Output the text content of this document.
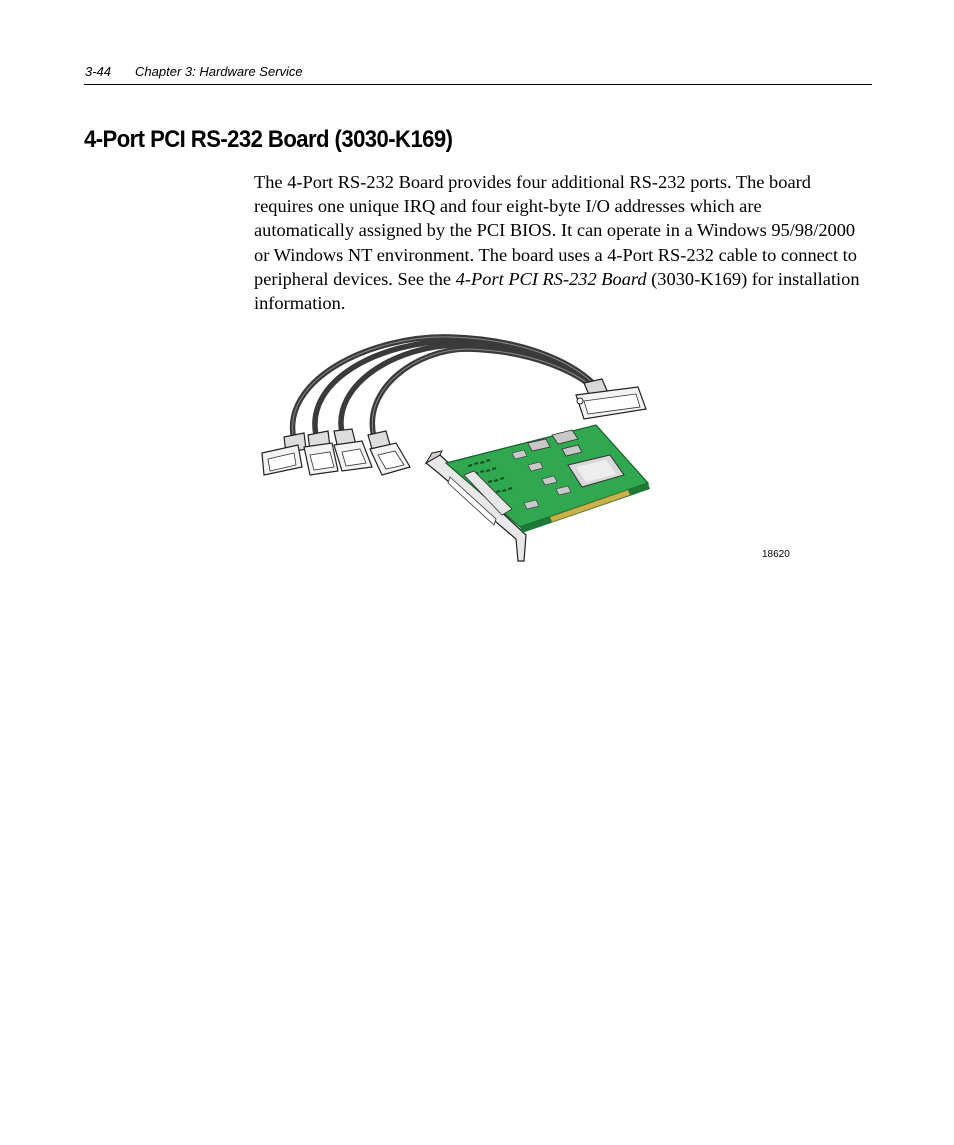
3-44 Chapter 3: Hardware Service
4-Port PCI RS-232 Board (3030-K169)

The 4-Port RS-232 Board provides four additional RS-232 ports. The board requires one unique IRQ and four eight-byte I/O addresses which are automatically assigned by the PCI BIOS. It can operate in a Windows 95/98/2000 or Windows NT environment. The board uses a 4-Port RS-232 cable to connect to peripheral devices. See the 4-Port PCI RS-232 Board (3030-K169) for installation information.

18620
